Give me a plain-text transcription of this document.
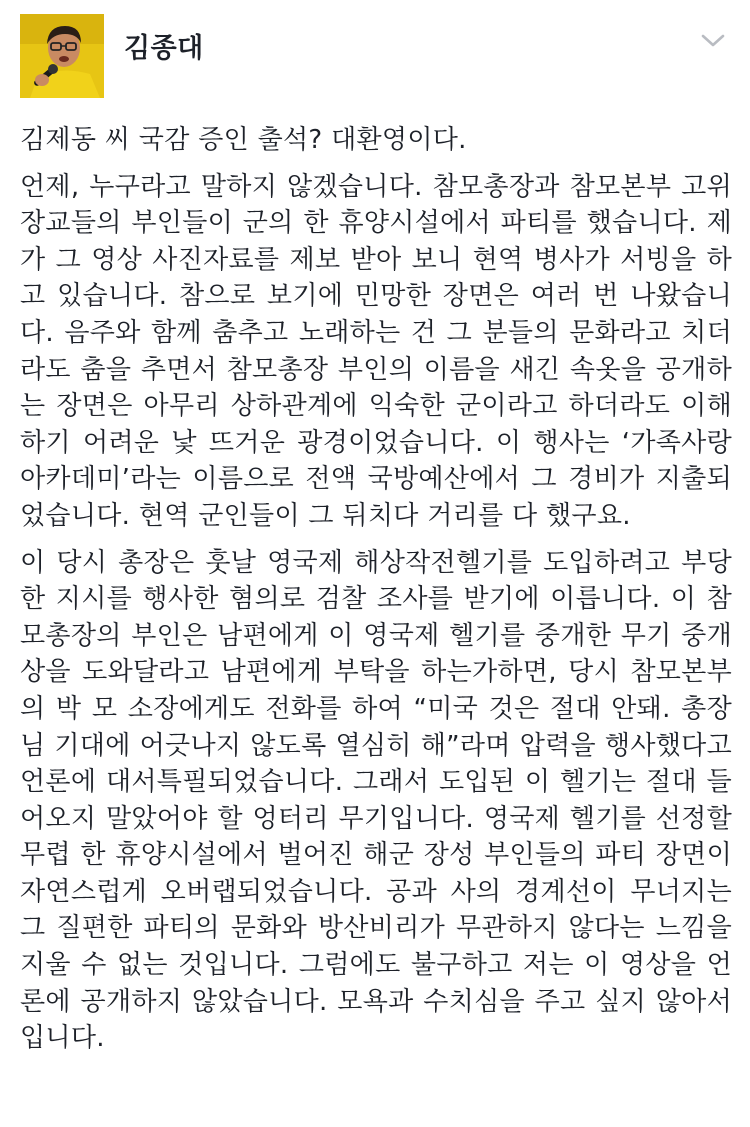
김종대

김제동 씨 국감 증인 출석? 대환영이다.

언제, 누구라고 말하지 않겠습니다. 참모총장과 참모본부 고위 장교들의 부인들이 군의 한 휴양시설에서 파티를 했습니다. 제가 그 영상 사진자료를 제보 받아 보니 현역 병사가 서빙을 하고 있습니다. 참으로 보기에 민망한 장면은 여러 번 나왔습니다. 음주와 함께 춤추고 노래하는 건 그 분들의 문화라고 치더라도 춤을 추면서 참모총장 부인의 이름을 새긴 속옷을 공개하는 장면은 아무리 상하관계에 익숙한 군이라고 하더라도 이해하기 어려운 낯 뜨거운 광경이었습니다. 이 행사는 ‘가족사랑 아카데미’라는 이름으로 전액 국방예산에서 그 경비가 지출되었습니다. 현역 군인들이 그 뒤치다 거리를 다 했구요.

이 당시 총장은 훗날 영국제 해상작전헬기를 도입하려고 부당한 지시를 행사한 혐의로 검찰 조사를 받기에 이릅니다. 이 참모총장의 부인은 남편에게 이 영국제 헬기를 중개한 무기 중개상을 도와달라고 남편에게 부탁을 하는가하면, 당시 참모본부의 박 모 소장에게도 전화를 하여 “미국 것은 절대 안돼. 총장님 기대에 어긋나지 않도록 열심히 해”라며 압력을 행사했다고 언론에 대서특필되었습니다. 그래서 도입된 이 헬기는 절대 들어오지 말았어야 할 엉터리 무기입니다. 영국제 헬기를 선정할 무렵 한 휴양시설에서 벌어진 해군 장성 부인들의 파티 장면이 자연스럽게 오버랩되었습니다. 공과 사의 경계선이 무너지는 그 질편한 파티의 문화와 방산비리가 무관하지 않다는 느낌을 지울 수 없는 것입니다. 그럼에도 불구하고 저는 이 영상을 언론에 공개하지 않았습니다. 모욕과 수치심을 주고 싶지 않아서입니다.
